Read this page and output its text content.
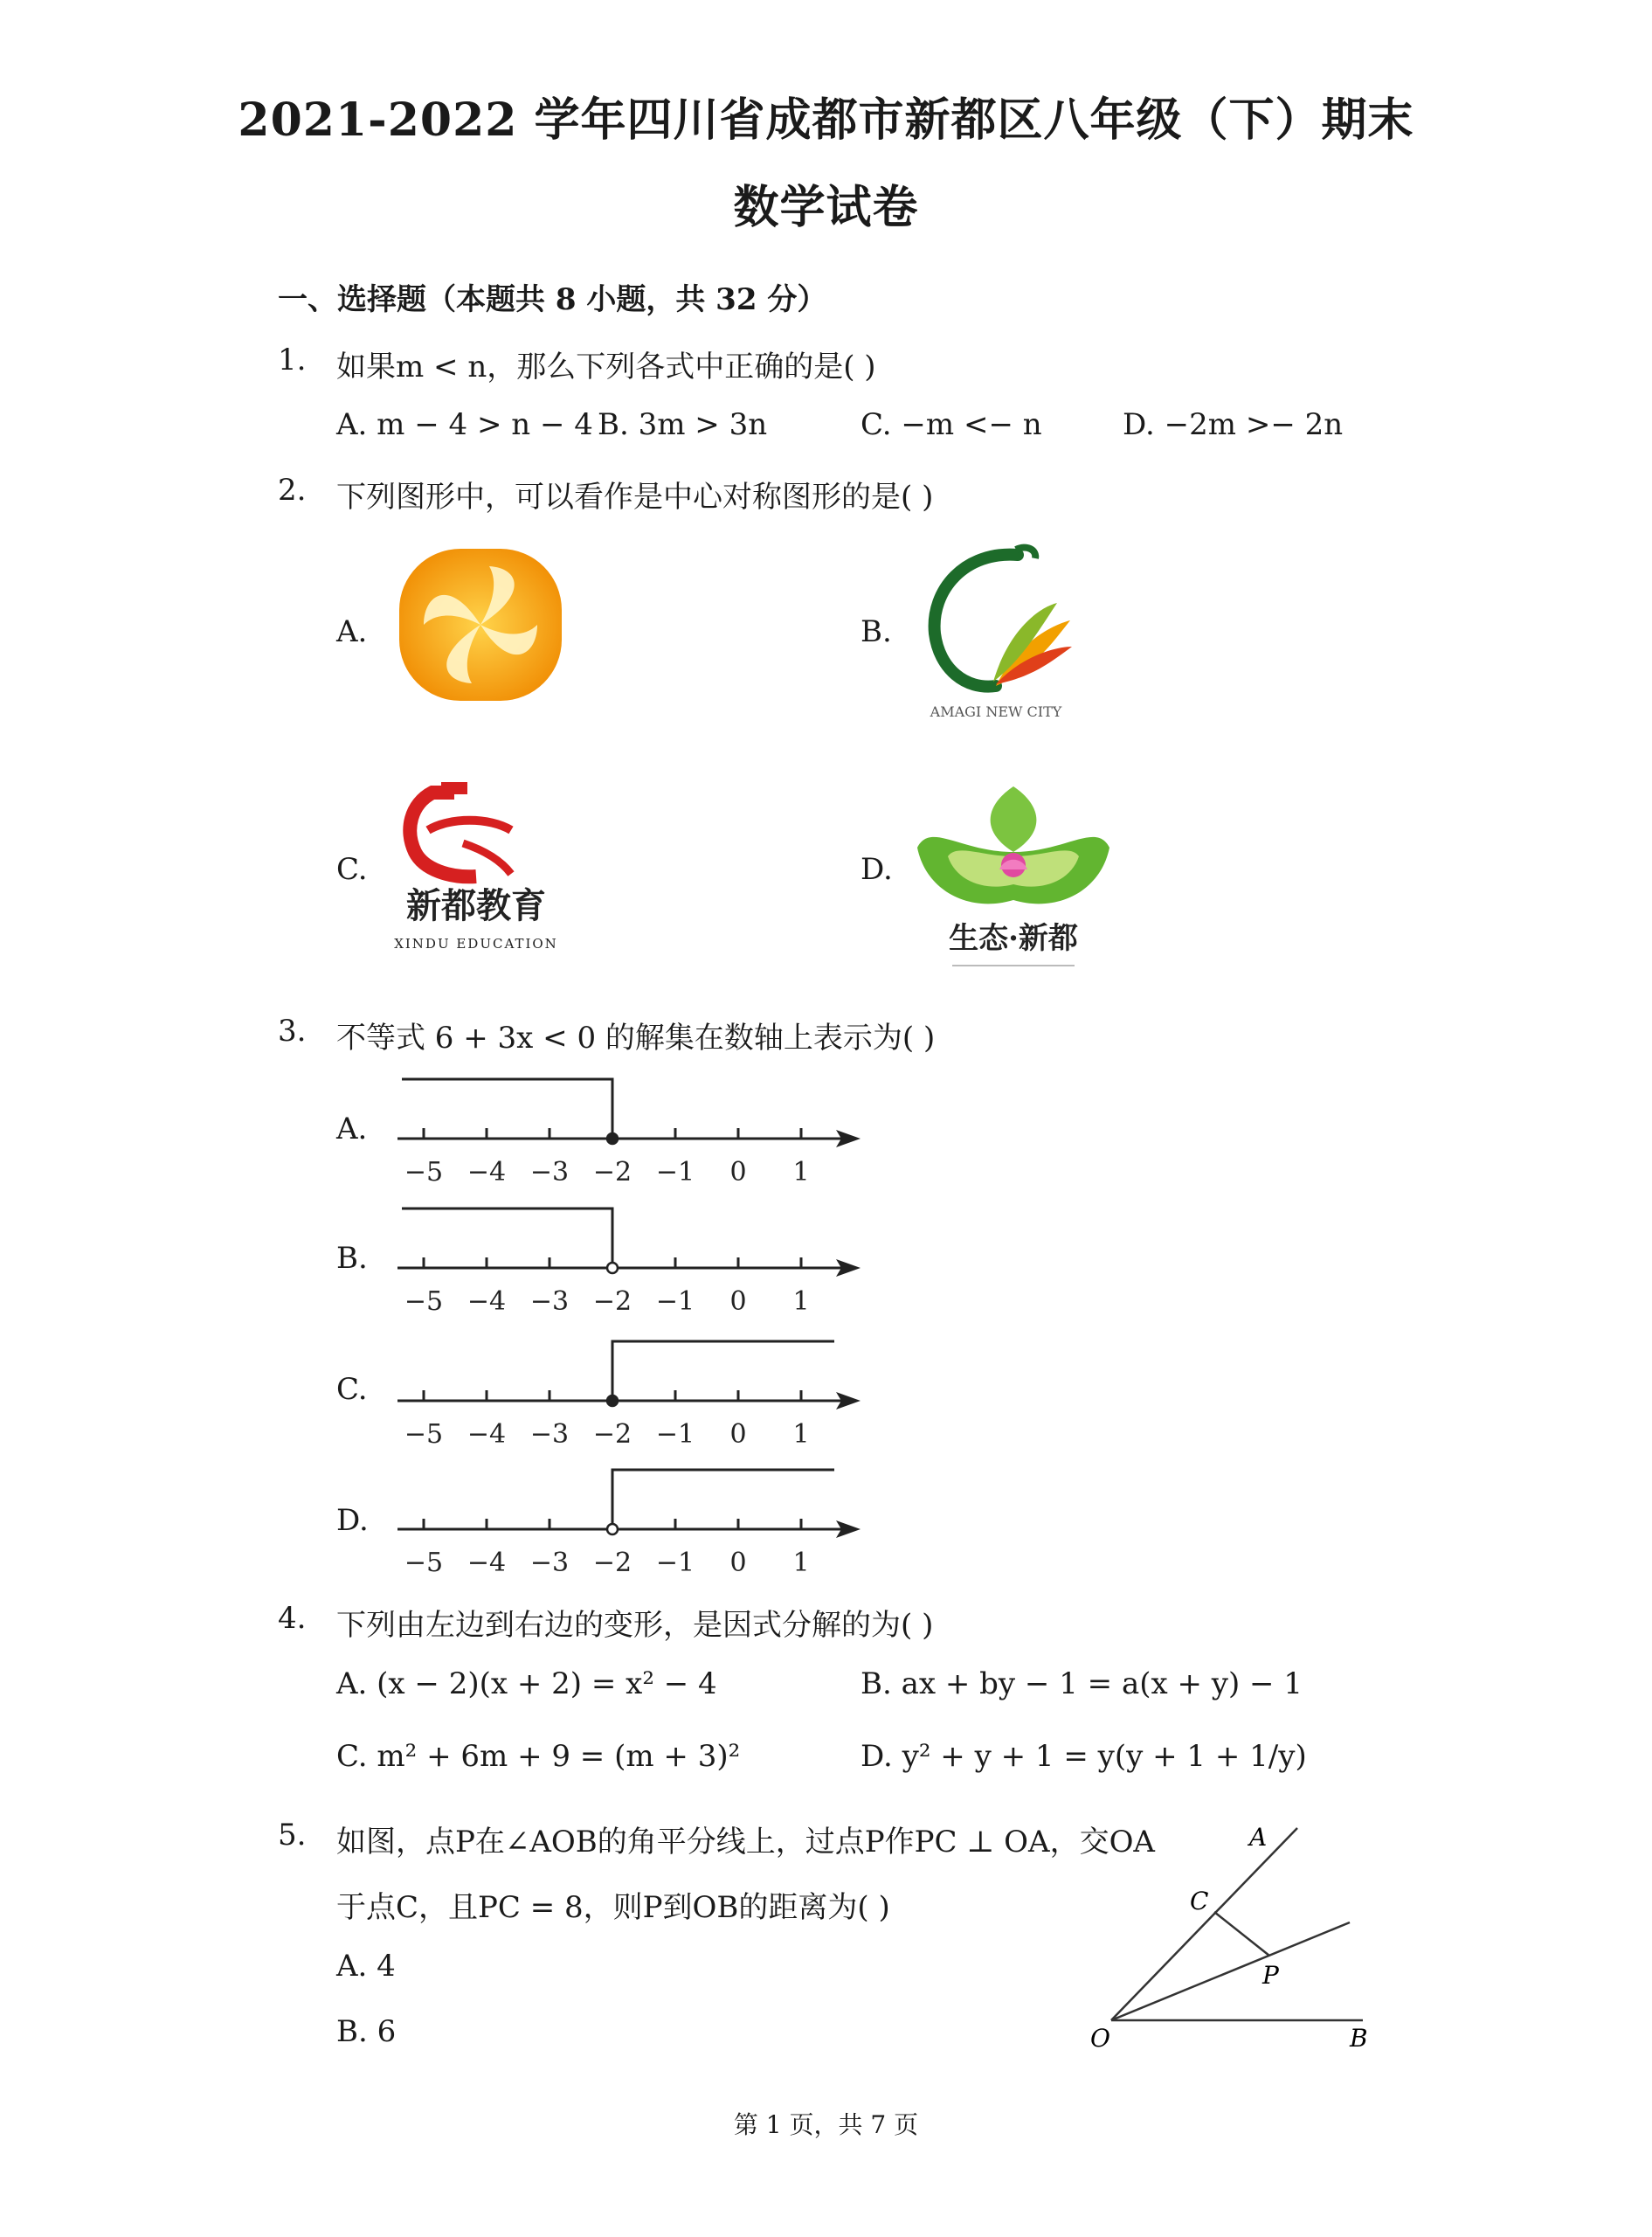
2021-2022 学年四川省成都市新都区八年级（下）期末
数学试卷
一、选择题（本题共 8 小题，共 32 分）
1. 如果m < n，那么下列各式中正确的是( )
A. m − 4 > n − 4 B. 3m > 3n	C. −m <− n	D. −2m >− 2n
2. 下列图形中，可以看作是中心对称图形的是( )
A.	B.
C.	D.
AMAGI NEW CITY
新都教育
XINDU EDUCATION	生态·新都
3. 不等式 6 + 3x < 0 的解集在数轴上表示为( )
A.
B.
C.
D.
−5 −4 −3 −2 −1 0 1
−5 −4 −3 −2 −1 0 1
−5 −4 −3 −2 −1 0 1
−5 −4 −3 −2 −1 0 1
4. 下列由左边到右边的变形，是因式分解的为( )
A. (x − 2)(x + 2) = x² − 4	B. ax + by − 1 = a(x + y) − 1
C. m² + 6m + 9 = (m + 3)²	D. y² + y + 1 = y(y + 1 + 1/y)
5. 如图，点P在∠AOB的角平分线上，过点P作PC ⊥ OA，交OA
于点C，且PC = 8，则P到OB的距离为( )
A. 4
B. 6
A
C
P
O	B
第 1 页，共 7 页
